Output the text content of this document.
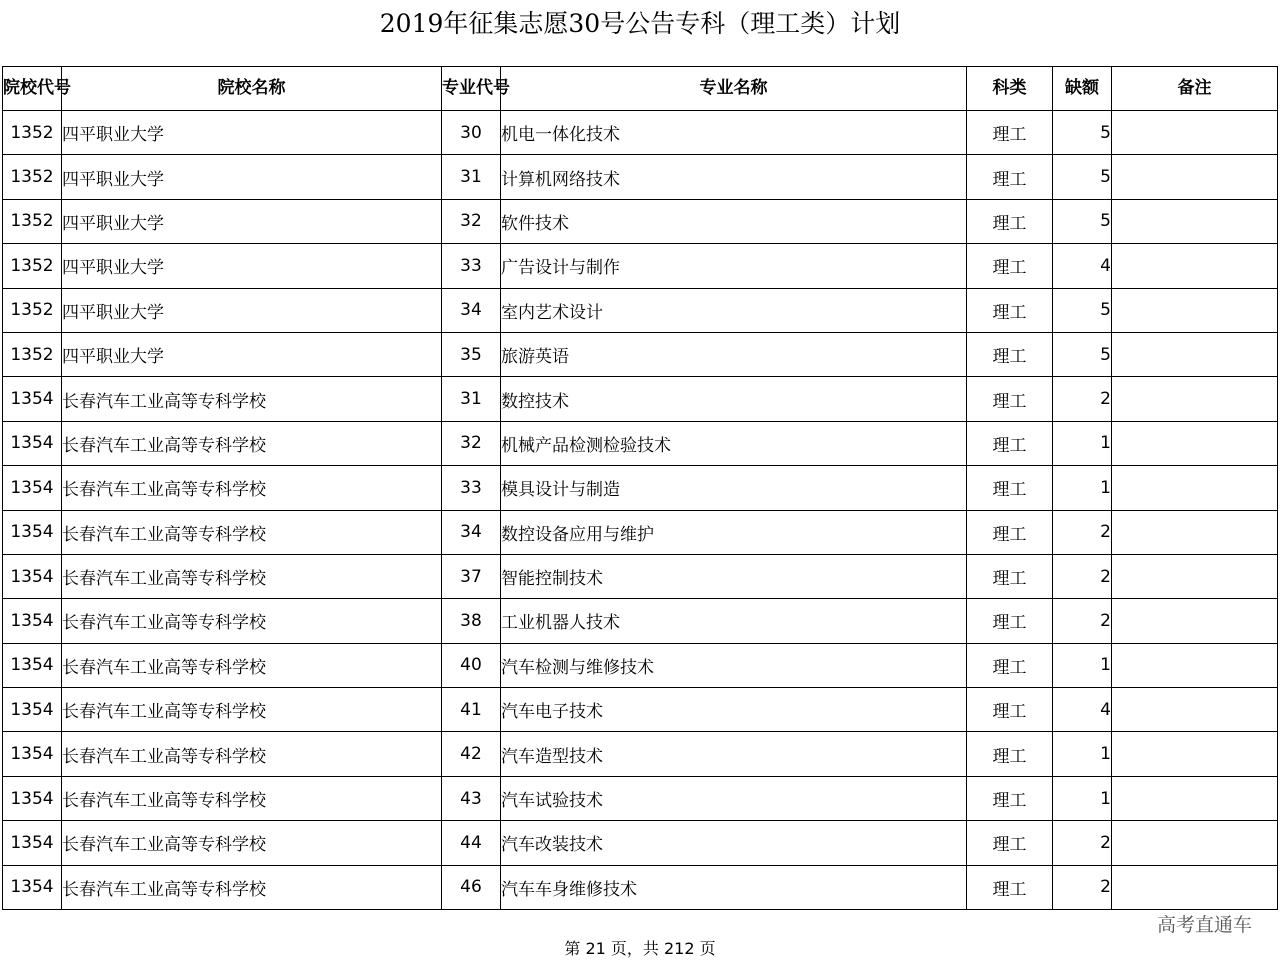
2019年征集志愿30号公告专科（理工类）计划
院校代号	院校名称	专业代号	专业名称	科类	缺额	备注
1352	四平职业大学	30	机电一体化技术	理工	5	
1352	四平职业大学	31	计算机网络技术	理工	5	
1352	四平职业大学	32	软件技术	理工	5	
1352	四平职业大学	33	广告设计与制作	理工	4	
1352	四平职业大学	34	室内艺术设计	理工	5	
1352	四平职业大学	35	旅游英语	理工	5	
1354	长春汽车工业高等专科学校	31	数控技术	理工	2	
1354	长春汽车工业高等专科学校	32	机械产品检测检验技术	理工	1	
1354	长春汽车工业高等专科学校	33	模具设计与制造	理工	1	
1354	长春汽车工业高等专科学校	34	数控设备应用与维护	理工	2	
1354	长春汽车工业高等专科学校	37	智能控制技术	理工	2	
1354	长春汽车工业高等专科学校	38	工业机器人技术	理工	2	
1354	长春汽车工业高等专科学校	40	汽车检测与维修技术	理工	1	
1354	长春汽车工业高等专科学校	41	汽车电子技术	理工	4	
1354	长春汽车工业高等专科学校	42	汽车造型技术	理工	1	
1354	长春汽车工业高等专科学校	43	汽车试验技术	理工	1	
1354	长春汽车工业高等专科学校	44	汽车改装技术	理工	2	
1354	长春汽车工业高等专科学校	46	汽车车身维修技术	理工	2	
高考直通车
第 21 页，共 212 页
